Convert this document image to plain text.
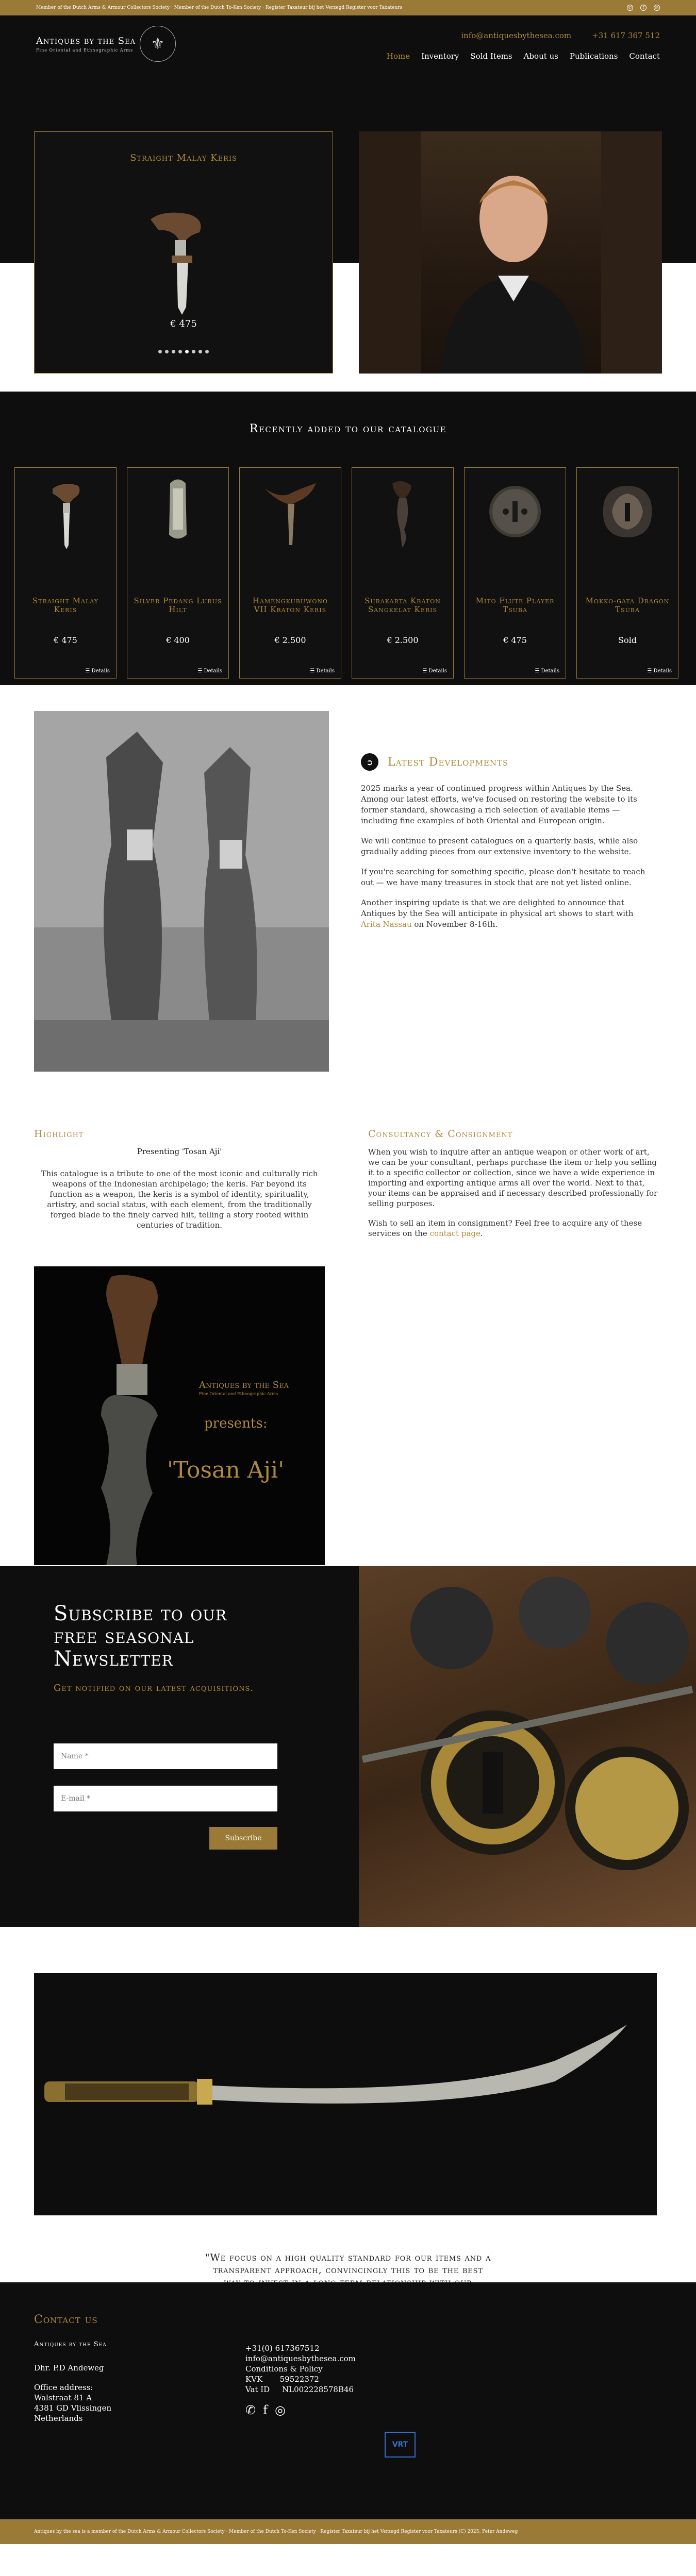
Member of the Dutch Arms & Armour Collectors Society · Member of the Dutch To-Ken Society · Register Taxateur bij het Verzegd Register voor Taxateurs	✆	f	◎
Antiques by the Sea
Fine Oriental and Ethnographic Arms	⚜	info@antiquesbythesea.com	+31 617 367 512
Home Inventory Sold Items About us Publications Contact
Straight Malay Keris
€ 475
Recently added to our catalogue
Straight Malay Keris
€ 475
☰ Details
Silver Pedang Lurus Hilt
€ 400
☰ Details
Hamengkubuwono VII Kraton Keris
€ 2.500
☰ Details
Surakarta Kraton Sangkelat Keris
€ 2.500
☰ Details
Mito Flute Player Tsuba
€ 475
☰ Details
Mokko-gata Dragon Tsuba
Sold
☰ Details
➲	Latest Developments

2025 marks a year of continued progress within Antiques by the Sea. Among our latest efforts, we've focused on restoring the website to its former standard, showcasing a rich selection of available items — including fine examples of both Oriental and European origin.

We will continue to present catalogues on a quarterly basis, while also gradually adding pieces from our extensive inventory to the website.

If you're searching for something specific, please don't hesitate to reach out — we have many treasures in stock that are not yet listed online.

Another inspiring update is that we are delighted to announce that Antiques by the Sea will anticipate in physical art shows to start with Arita Nassau on November 8-16th.

Highlight
Presenting 'Tosan Aji'
This catalogue is a tribute to one of the most iconic and culturally rich weapons of the Indonesian archipelago; the keris. Far beyond its function as a weapon, the keris is a symbol of identity, spirituality, artistry, and social status, with each element, from the traditionally forged blade to the finely carved hilt, telling a story rooted within centuries of tradition.
Antiques by the Sea
Fine Oriental and Ethnographic Arms
presents:
'Tosan Aji'
Consultancy & Consignment

When you wish to inquire after an antique weapon or other work of art, we can be your consultant, perhaps purchase the item or help you selling it to a specific collector or collection, since we have a wide experience in importing and exporting antique arms all over the world. Next to that, your items can be appraised and if necessary described professionally for selling purposes.

Wish to sell an item in consignment? Feel free to acquire any of these services on the contact page.

Subscribe to our free seasonal Newsletter
Get notified on our latest acquisitions.
Name *
E-mail * Subscribe

"We focus on a high quality standard for our items and a transparent approach, convincingly this to be the best

Contact us
Antiques by the Sea
Dhr. P.D Andeweg
Office address:
Walstraat 81 A
4381 GD Vlissingen
Netherlands
+31(0) 617367512
info@antiquesbythesea.com
Conditions & Policy
KVK       59522372
Vat ID     NL002228578B46
✆ f ◎
VRT
Antiques by the sea is a member of the Dutch Arms & Armour Collectors Society · Member of the Dutch To-Ken Society · Register Taxateur bij het Verzegd Register voor Taxateurs (C) 2025, Peter Andeweg
